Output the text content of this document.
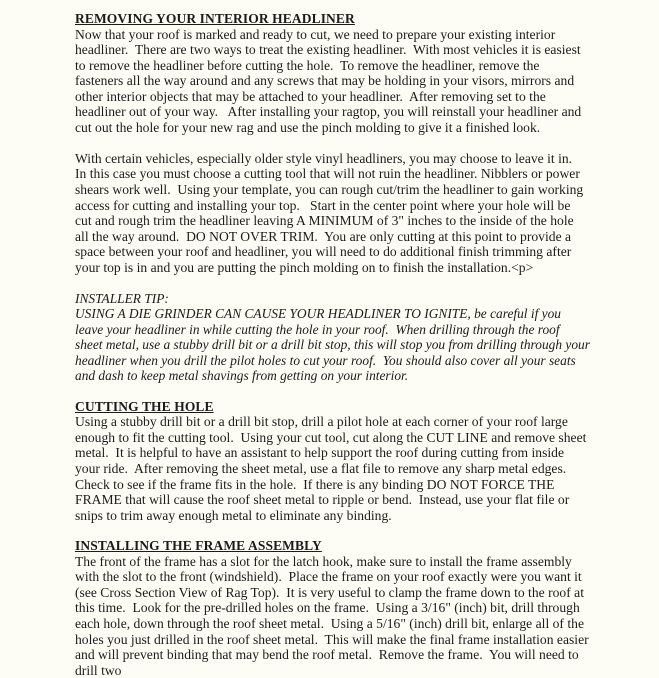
REMOVING YOUR INTERIOR HEADLINER

Now that your roof is marked and ready to cut, we need to prepare your existing interior headliner.  There are two ways to treat the existing headliner.  With most vehicles it is easiest to remove the headliner before cutting the hole.  To remove the headliner, remove the fasteners all the way around and any screws that may be holding in your visors, mirrors and other interior objects that may be attached to your headliner.  After removing set to the headliner out of your way.   After installing your ragtop, you will reinstall your headliner and cut out the hole for your new rag and use the pinch molding to give it a finished look.

With certain vehicles, especially older style vinyl headliners, you may choose to leave it in.  In this case you must choose a cutting tool that will not ruin the headliner. Nibblers or power shears work well.  Using your template, you can rough cut/trim the headliner to gain working access for cutting and installing your top.   Start in the center point where your hole will be cut and rough trim the headliner leaving A MINIMUM of 3" inches to the inside of the hole all the way around.  DO NOT OVER TRIM.  You are only cutting at this point to provide a space between your roof and headliner, you will need to do additional finish trimming after your top is in and you are putting the pinch molding on to finish the installation.<p>

INSTALLER TIP:

USING A DIE GRINDER CAN CAUSE YOUR HEADLINER TO IGNITE, be careful if you leave your headliner in while cutting the hole in your roof.  When drilling through the roof sheet metal, use a stubby drill bit or a drill bit stop, this will stop you from drilling through your headliner when you drill the pilot holes to cut your roof.  You should also cover all your seats and dash to keep metal shavings from getting on your interior.

CUTTING THE HOLE

Using a stubby drill bit or a drill bit stop, drill a pilot hole at each corner of your roof large enough to fit the cutting tool.  Using your cut tool, cut along the CUT LINE and remove sheet metal.  It is helpful to have an assistant to help support the roof during cutting from inside your ride.  After removing the sheet metal, use a flat file to remove any sharp metal edges.   Check to see if the frame fits in the hole.  If there is any binding DO NOT FORCE THE FRAME that will cause the roof sheet metal to ripple or bend.  Instead, use your flat file or snips to trim away enough metal to eliminate any binding.

INSTALLING THE FRAME ASSEMBLY

The front of the frame has a slot for the latch hook, make sure to install the frame assembly with the slot to the front (windshield).  Place the frame on your roof exactly were you want it (see Cross Section View of Rag Top).  It is very useful to clamp the frame down to the roof at this time.  Look for the pre-drilled holes on the frame.  Using a 3/16" (inch) bit, drill through each hole, down through the roof sheet metal.  Using a 5/16" (inch) drill bit, enlarge all of the holes you just drilled in the roof sheet metal.  This will make the final frame installation easier and will prevent binding that may bend the roof metal.  Remove the frame.  You will need to drill two
